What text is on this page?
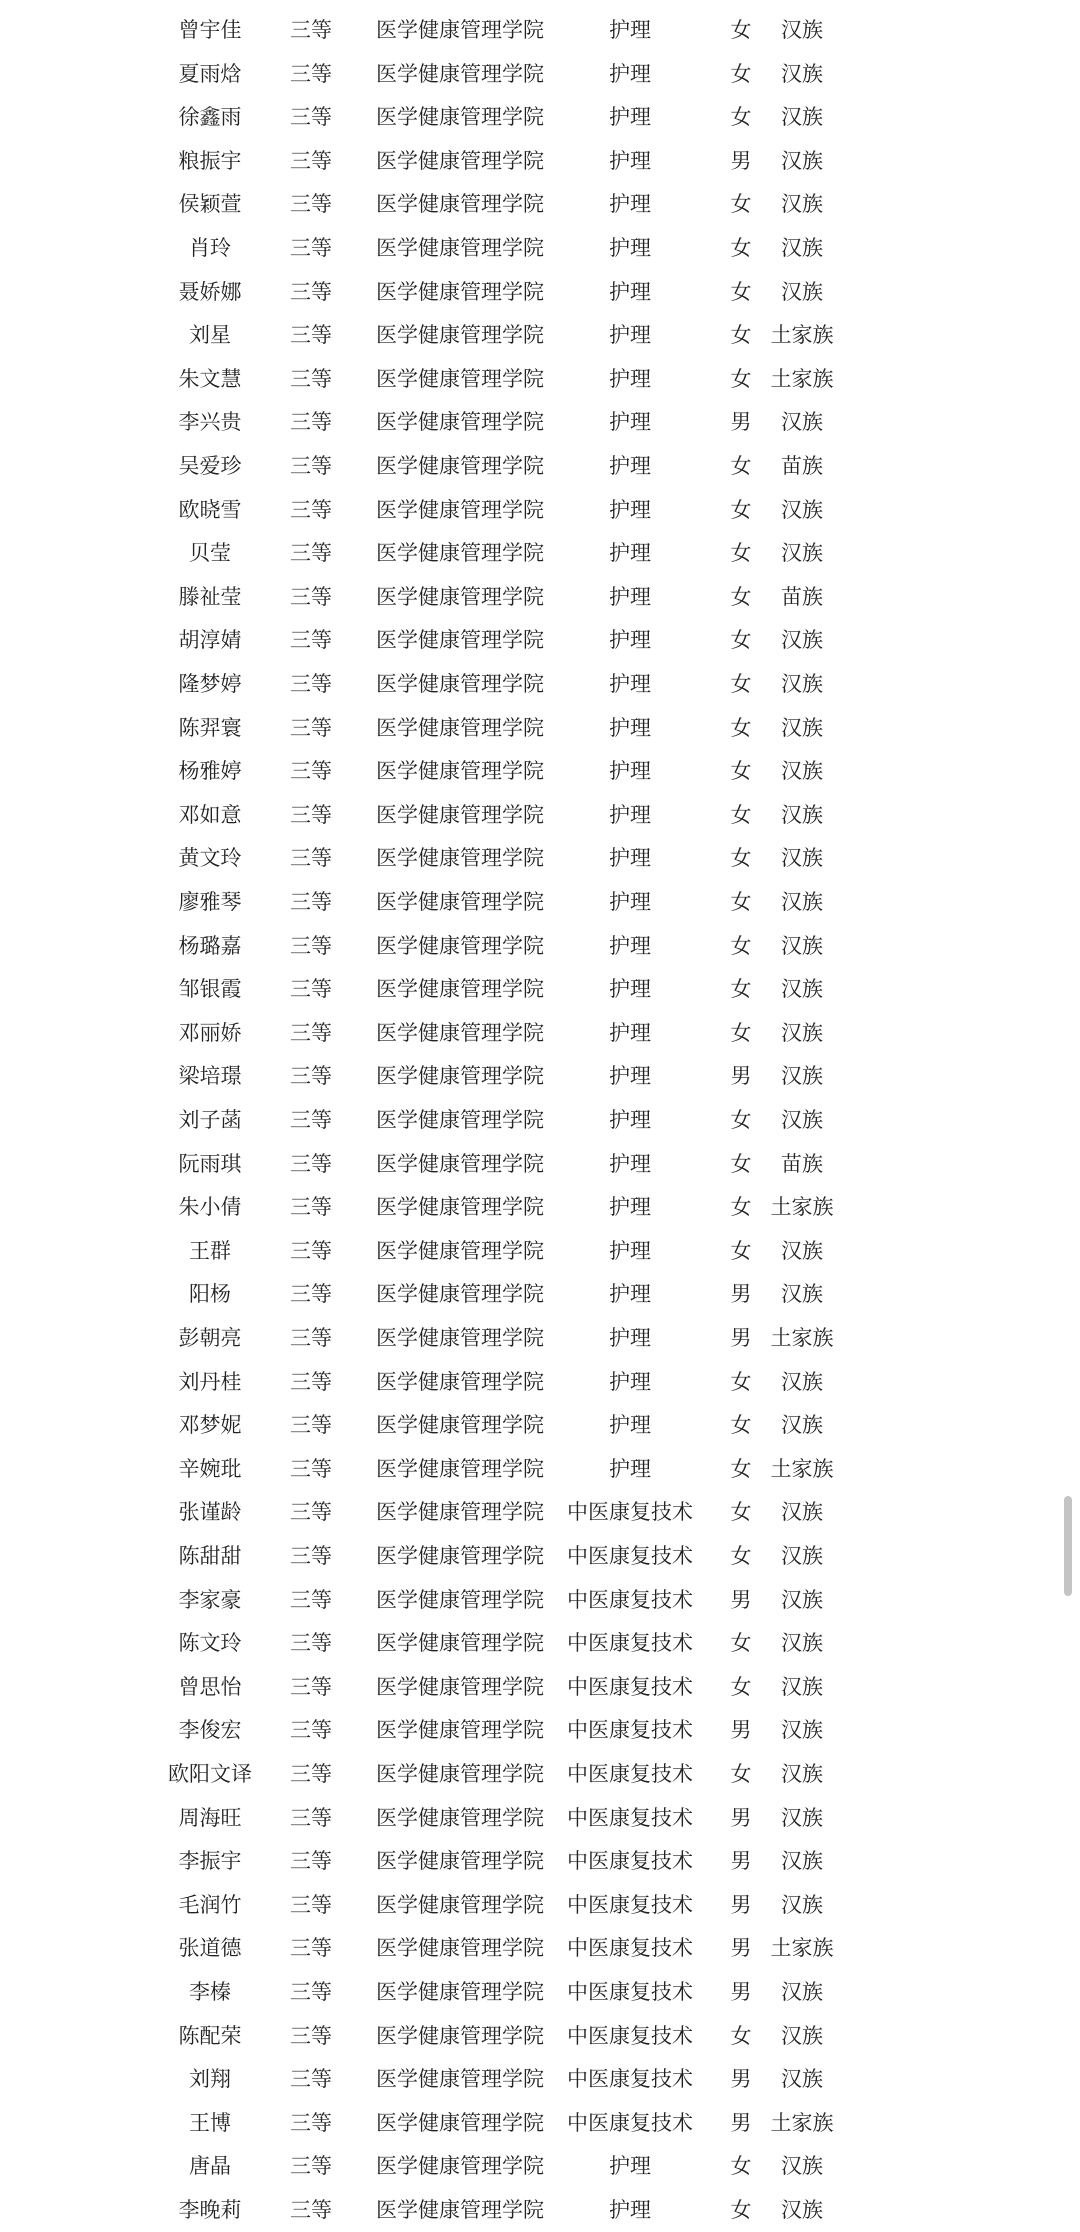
曾宇佳	三等	医学健康管理学院	护理	女	汉族
夏雨焓	三等	医学健康管理学院	护理	女	汉族
徐鑫雨	三等	医学健康管理学院	护理	女	汉族
粮振宇	三等	医学健康管理学院	护理	男	汉族
侯颖萱	三等	医学健康管理学院	护理	女	汉族
肖玲	三等	医学健康管理学院	护理	女	汉族
聂娇娜	三等	医学健康管理学院	护理	女	汉族
刘星	三等	医学健康管理学院	护理	女 土家族
朱文慧	三等	医学健康管理学院	护理	女 土家族
李兴贵	三等	医学健康管理学院	护理	男	汉族
吴爱珍	三等	医学健康管理学院	护理	女	苗族
欧晓雪	三等	医学健康管理学院	护理	女	汉族
贝莹	三等	医学健康管理学院	护理	女	汉族
滕祉莹	三等	医学健康管理学院	护理	女	苗族
胡淳婧	三等	医学健康管理学院	护理	女	汉族
隆梦婷	三等	医学健康管理学院	护理	女	汉族
陈羿寰	三等	医学健康管理学院	护理	女	汉族
杨雅婷	三等	医学健康管理学院	护理	女	汉族
邓如意	三等	医学健康管理学院	护理	女	汉族
黄文玲	三等	医学健康管理学院	护理	女	汉族
廖雅琴	三等	医学健康管理学院	护理	女	汉族
杨璐嘉	三等	医学健康管理学院	护理	女	汉族
邹银霞	三等	医学健康管理学院	护理	女	汉族
邓丽娇	三等	医学健康管理学院	护理	女	汉族
梁培璟	三等	医学健康管理学院	护理	男	汉族
刘子菡	三等	医学健康管理学院	护理	女	汉族
阮雨琪	三等	医学健康管理学院	护理	女	苗族
朱小倩	三等	医学健康管理学院	护理	女 土家族
王群	三等	医学健康管理学院	护理	女	汉族
阳杨	三等	医学健康管理学院	护理	男	汉族
彭朝亮	三等	医学健康管理学院	护理	男 土家族
刘丹桂	三等	医学健康管理学院	护理	女	汉族
邓梦妮	三等	医学健康管理学院	护理	女	汉族
辛婉玭	三等	医学健康管理学院	护理	女 土家族
张谨龄	三等	医学健康管理学院	中医康复技术	女	汉族
陈甜甜	三等	医学健康管理学院	中医康复技术	女	汉族
李家豪	三等	医学健康管理学院	中医康复技术	男	汉族
陈文玲	三等	医学健康管理学院	中医康复技术	女	汉族
曾思怡	三等	医学健康管理学院	中医康复技术	女	汉族
李俊宏	三等	医学健康管理学院	中医康复技术	男	汉族
欧阳文译	三等	医学健康管理学院	中医康复技术	女	汉族
周海旺	三等	医学健康管理学院	中医康复技术	男	汉族
李振宇	三等	医学健康管理学院	中医康复技术	男	汉族
毛润竹	三等	医学健康管理学院	中医康复技术	男	汉族
张道德	三等	医学健康管理学院	中医康复技术	男 土家族
李榛	三等	医学健康管理学院	中医康复技术	男	汉族
陈配荣	三等	医学健康管理学院	中医康复技术	女	汉族
刘翔	三等	医学健康管理学院	中医康复技术	男	汉族
王博	三等	医学健康管理学院	中医康复技术	男 土家族
唐晶	三等	医学健康管理学院	护理	女	汉族
李晚莉	三等	医学健康管理学院	护理	女	汉族
